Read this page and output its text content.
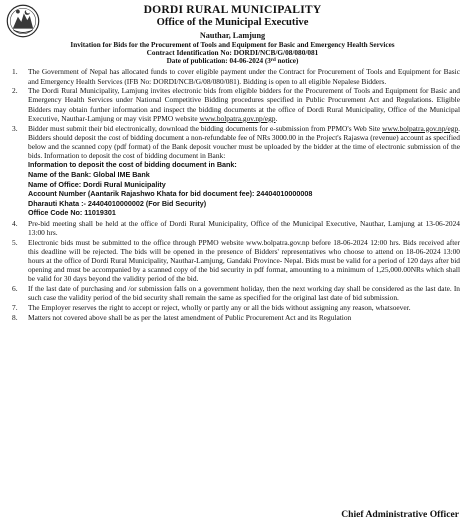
DORDI RURAL MUNICIPALITY
Office of the Municipal Executive
Nauthar, Lamjung
Invitation for Bids for the Procurement of Tools and Equipment for Basic and Emergency Health Services
Contract Identification No: DORDI/NCB/G/08/080/081
Date of publication: 04-06-2024 (3rd notice)
1. The Government of Nepal has allocated funds to cover eligible payment under the Contract for Procurement of Tools and Equipment for Basic and Emergency Health Services (IFB No: DORDI/NCB/G/08/080/081). Bidding is open to all eligible Nepalese Bidders.
2. The Dordi Rural Municipality, Lamjung invites electronic bids from eligible bidders for the Procurement of Tools and Equipment for Basic and Emergency Health Services under National Competitive Bidding procedures specified in Public Procurement Act and Regulations. Eligible Bidders may obtain further information and inspect the bidding documents at the office of Dordi Rural Municipality, Office of the Municipal Executive, Nauthar-Lamjung or may visit PPMO website www.bolpatra.gov.np/egp.
3. Bidder must submit their bid electronically, download the bidding documents for e-submission from PPMO's Web Site www.bolpatra.gov.np/egp. Bidders should deposit the cost of bidding document a non-refundable fee of NRs 3000.00 in the Project's Rajaswa (revenue) account as specified below and the scanned copy (pdf format) of the Bank deposit voucher must be uploaded by the bidder at the time of electronic submission of the bids. Information to deposit the cost of bidding document in Bank:
Information to deposit the cost of bidding document in Bank:
Name of the Bank: Global IME Bank
Name of Office: Dordi Rural Municipality
Account Number (Aantarik Rajashwo Khata for bid document fee): 24404010000008
Dharauti Khata :- 24404010000002 (For Bid Security)
Office Code No: 11019301
4. Pre-bid meeting shall be held at the office of Dordi Rural Municipality, Office of the Municipal Executive, Nauthar, Lamjung at 13-06-2024 13:00 hrs.
5. Electronic bids must be submitted to the office through PPMO website www.bolpatra.gov.np before 18-06-2024 12:00 hrs. Bids received after this deadline will be rejected. The bids will be opened in the presence of Bidders' representatives who choose to attend on 18-06-2024 13:00 hours at the office of Dordi Rural Municipality, Nauthar-Lamjung, Gandaki Province- Nepal. Bids must be valid for a period of 120 days after bid opening and must be accompanied by a scanned copy of the bid security in pdf format, amounting to a minimum of 1,25,000.00NRs which shall be valid for 30 days beyond the validity period of the bid.
6. If the last date of purchasing and /or submission falls on a government holiday, then the next working day shall be considered as the last date. In such case the validity period of the bid security shall remain the same as specified for the original last date of bid submission.
7. The Employer reserves the right to accept or reject, wholly or partly any or all the bids without assigning any reason, whatsoever.
8. Matters not covered above shall be as per the latest amendment of Public Procurement Act and its Regulation
Chief Administrative Officer
